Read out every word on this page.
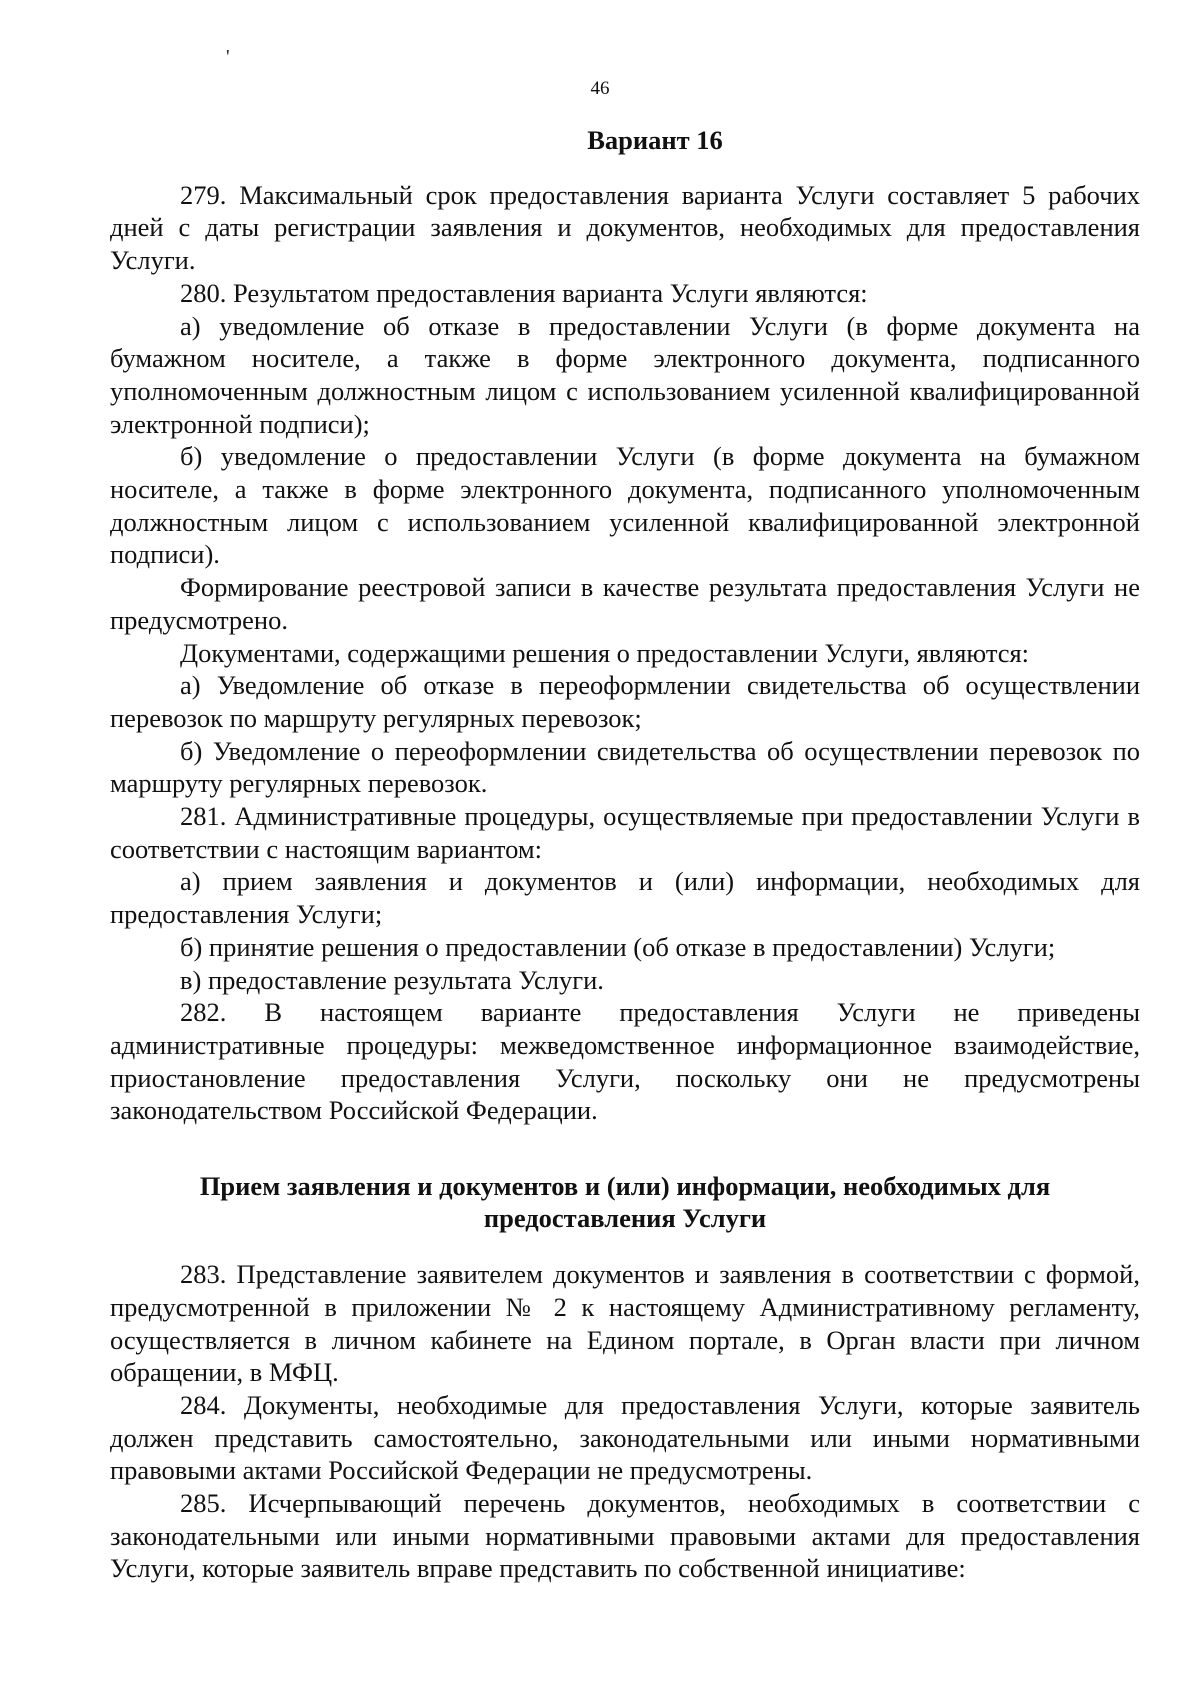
'
46
Вариант 16

279. Максимальный срок предоставления варианта Услуги составляет 5 рабочих дней с даты регистрации заявления и документов, необходимых для предоставления Услуги.

280. Результатом предоставления варианта Услуги являются:

а) уведомление об отказе в предоставлении Услуги (в форме документа на бумажном носителе, а также в форме электронного документа, подписанного уполномоченным должностным лицом с использованием усиленной квалифицированной электронной подписи);

б) уведомление о предоставлении Услуги (в форме документа на бумажном носителе, а также в форме электронного документа, подписанного уполномоченным должностным лицом с использованием усиленной квалифицированной электронной подписи).

Формирование реестровой записи в качестве результата предоставления Услуги не предусмотрено.

Документами, содержащими решения о предоставлении Услуги, являются:

а) Уведомление об отказе в переоформлении свидетельства об осуществлении перевозок по маршруту регулярных перевозок;

б) Уведомление о переоформлении свидетельства об осуществлении перевозок по маршруту регулярных перевозок.

281. Административные процедуры, осуществляемые при предоставлении Услуги в соответствии с настоящим вариантом:

а) прием заявления и документов и (или) информации, необходимых для предоставления Услуги;

б) принятие решения о предоставлении (об отказе в предоставлении) Услуги;

в) предоставление результата Услуги.

282. В настоящем варианте предоставления Услуги не приведены административные процедуры: межведомственное информационное взаимодействие, приостановление предоставления Услуги, поскольку они не предусмотрены законодательством Российской Федерации.

Прием заявления и документов и (или) информации, необходимых для предоставления Услуги

283. Представление заявителем документов и заявления в соответствии с формой, предусмотренной в приложении № 2 к настоящему Административному регламенту, осуществляется в личном кабинете на Едином портале, в Орган власти при личном обращении, в МФЦ.

284. Документы, необходимые для предоставления Услуги, которые заявитель должен представить самостоятельно, законодательными или иными нормативными правовыми актами Российской Федерации не предусмотрены.

285. Исчерпывающий перечень документов, необходимых в соответствии с законодательными или иными нормативными правовыми актами для предоставления Услуги, которые заявитель вправе представить по собственной инициативе:
